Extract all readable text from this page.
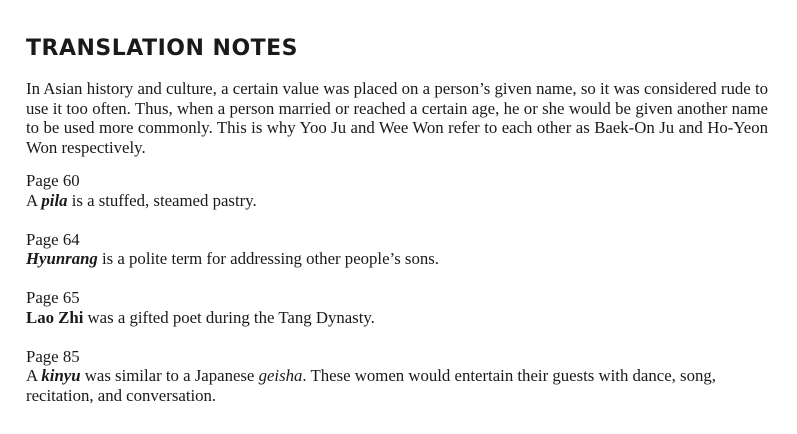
TRANSLATION NOTES

In Asian history and culture, a certain value was placed on a person’s given name, so it was considered rude to use it too often. Thus, when a person married or reached a certain age, he or she would be given another name to be used more commonly. This is why Yoo Ju and Wee Won refer to each other as Baek-On Ju and Ho-Yeon Won respectively.

Page 60
A pila is a stuffed, steamed pastry.
Page 64
Hyunrang is a polite term for addressing other people’s sons.
Page 65
Lao Zhi was a gifted poet during the Tang Dynasty.
Page 85
A kinyu was similar to a Japanese geisha. These women would entertain their guests with dance, song, recitation, and conversation.
